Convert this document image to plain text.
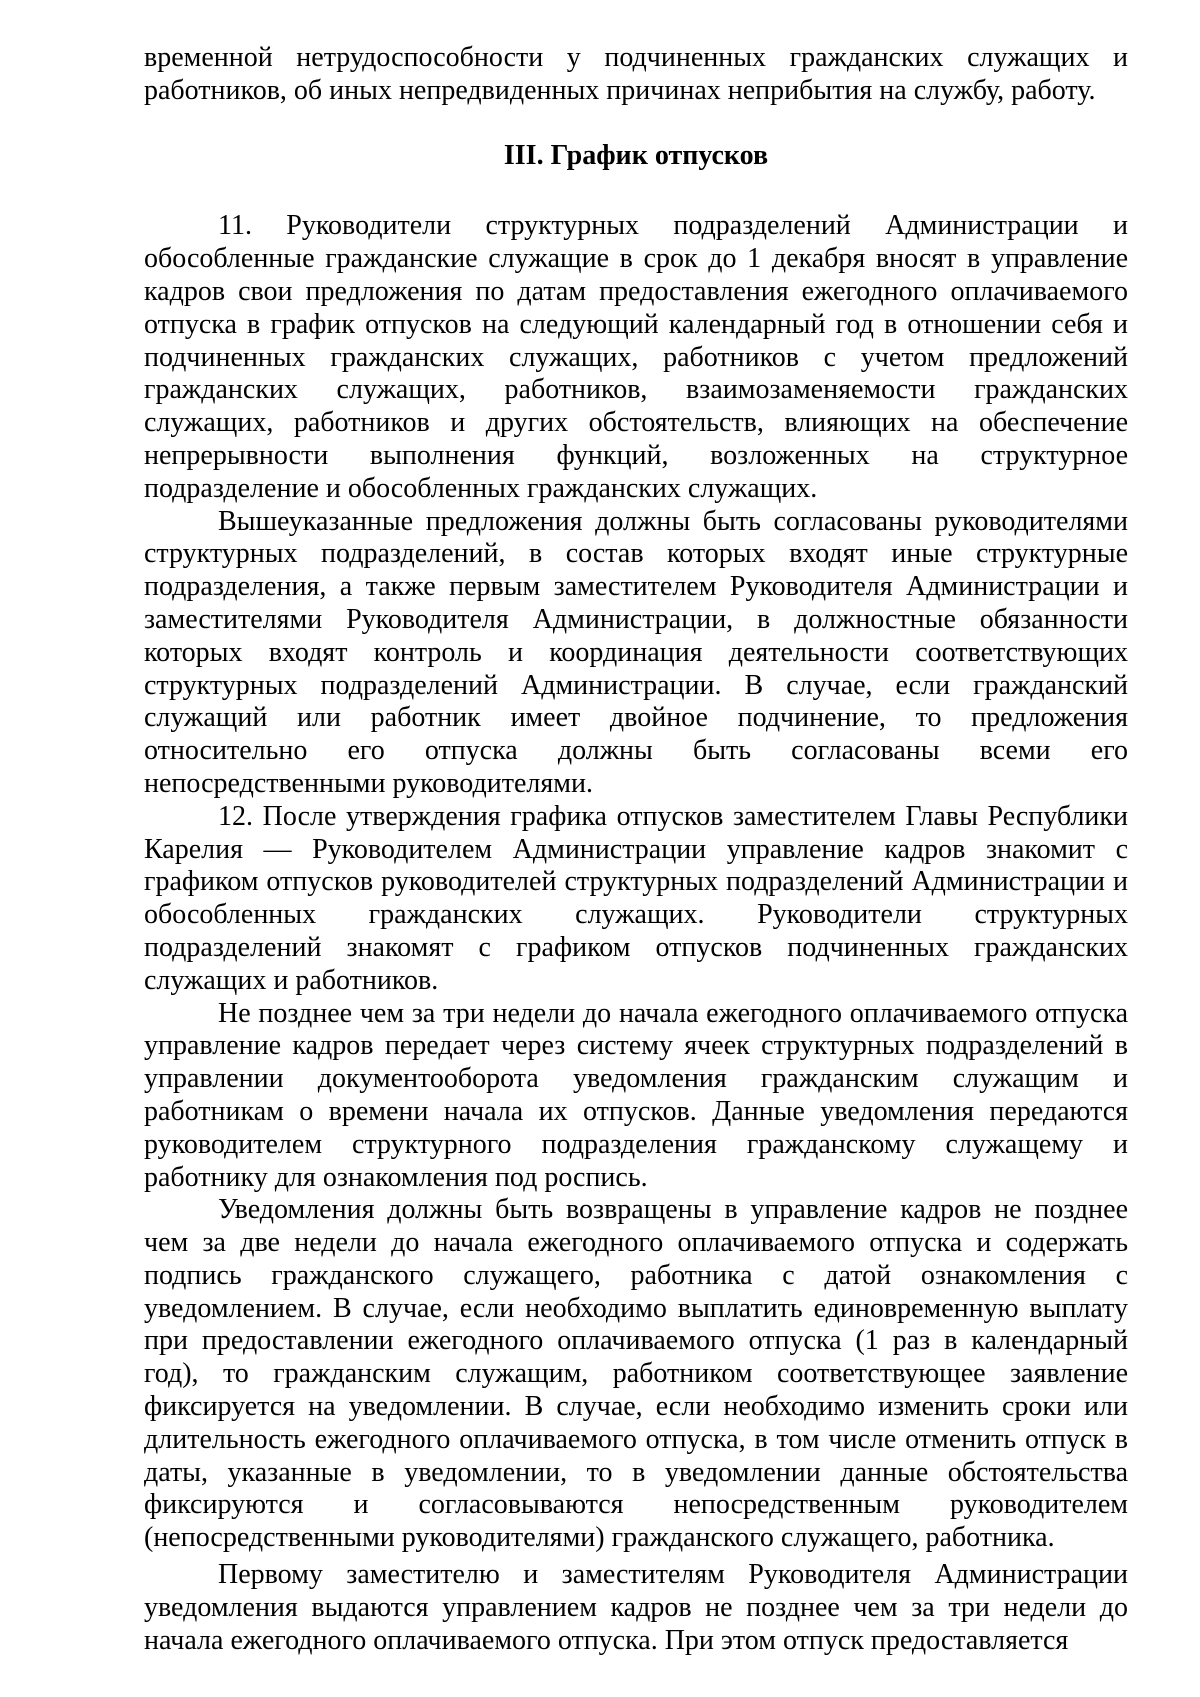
временной нетрудоспособности у подчиненных гражданских служащих и работников, об иных непредвиденных причинах неприбытия на службу, работу.

III. График отпусков

11. Руководители структурных подразделений Администрации и обособленные гражданские служащие в срок до 1 декабря вносят в управление кадров свои предложения по датам предоставления ежегодного оплачиваемого отпуска в график отпусков на следующий календарный год в отношении себя и подчиненных гражданских служащих, работников с учетом предложений гражданских служащих, работников, взаимозаменяемости гражданских служащих, работников и других обстоятельств, влияющих на обеспечение непрерывности выполнения функций, возложенных на структурное подразделение и обособленных гражданских служащих.

Вышеуказанные предложения должны быть согласованы руководителями структурных подразделений, в состав которых входят иные структурные подразделения, а также первым заместителем Руководителя Администрации и заместителями Руководителя Администрации, в должностные обязанности которых входят контроль и координация деятельности соответствующих структурных подразделений Администрации. В случае, если гражданский служащий или работник имеет двойное подчинение, то предложения относительно его отпуска должны быть согласованы всеми его непосредственными руководителями.

12. После утверждения графика отпусков заместителем Главы Республики Карелия — Руководителем Администрации управление кадров знакомит с графиком отпусков руководителей структурных подразделений Администрации и обособленных гражданских служащих. Руководители структурных подразделений знакомят с графиком отпусков подчиненных гражданских служащих и работников.

Не позднее чем за три недели до начала ежегодного оплачиваемого отпуска управление кадров передает через систему ячеек структурных подразделений в управлении документооборота уведомления гражданским служащим и работникам о времени начала их отпусков. Данные уведомления передаются руководителем структурного подразделения гражданскому служащему и работнику для ознакомления под роспись.

Уведомления должны быть возвращены в управление кадров не позднее чем за две недели до начала ежегодного оплачиваемого отпуска и содержать подпись гражданского служащего, работника с датой ознакомления с уведомлением. В случае, если необходимо выплатить единовременную выплату при предоставлении ежегодного оплачиваемого отпуска (1 раз в календарный год), то гражданским служащим, работником соответствующее заявление фиксируется на уведомлении. В случае, если необходимо изменить сроки или длительность ежегодного оплачиваемого отпуска, в том числе отменить отпуск в даты, указанные в уведомлении, то в уведомлении данные обстоятельства фиксируются и согласовываются непосредственным руководителем (непосредственными руководителями) гражданского служащего, работника.

Первому заместителю и заместителям Руководителя Администрации уведомления выдаются управлением кадров не позднее чем за три недели до начала ежегодного оплачиваемого отпуска. При этом отпуск предоставляется
